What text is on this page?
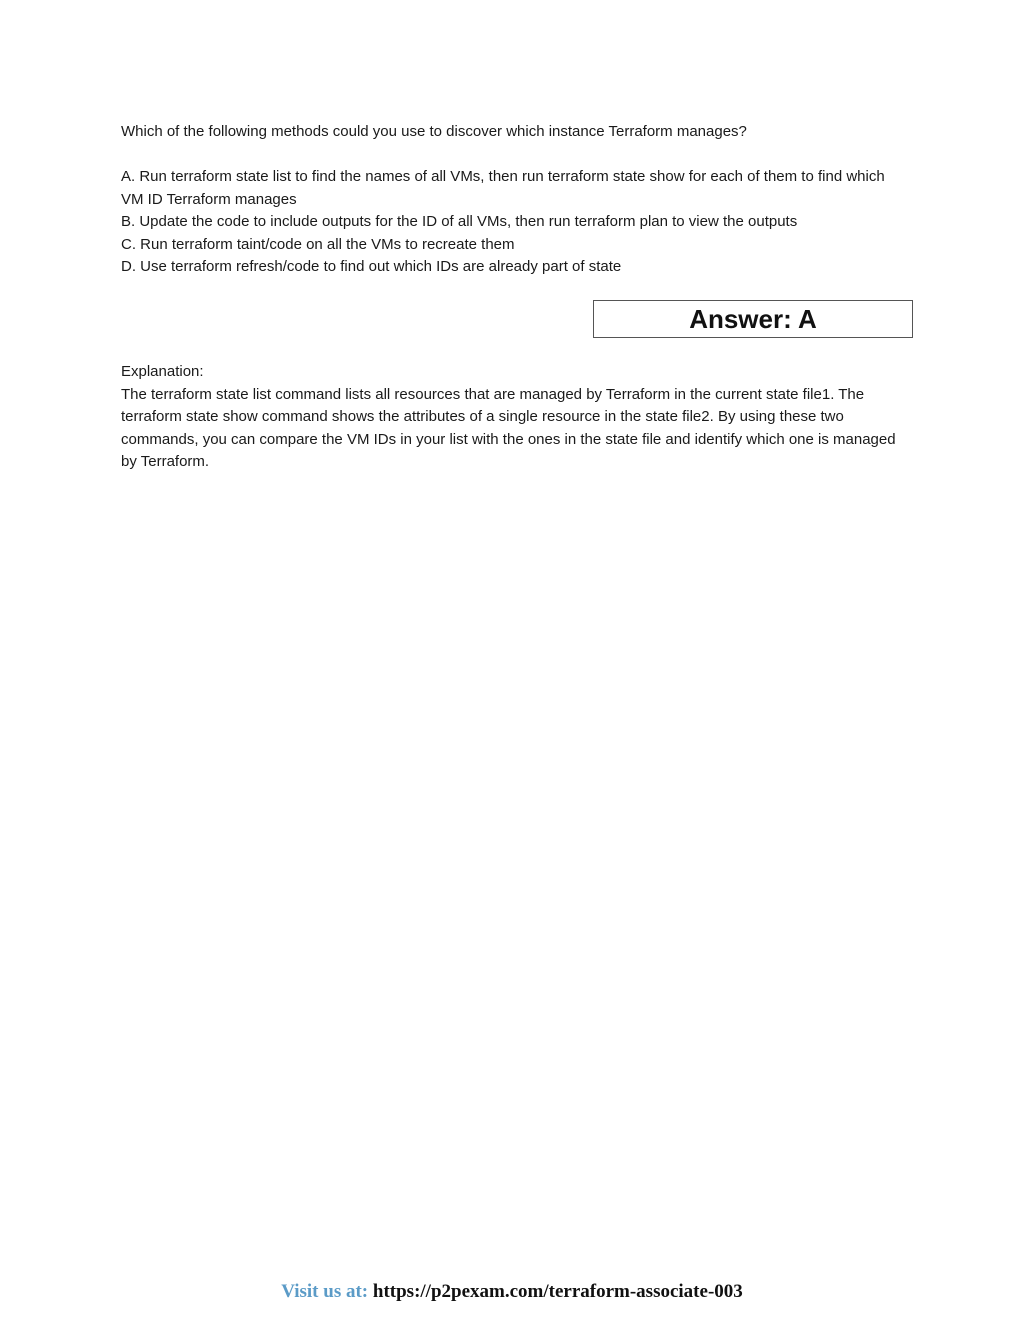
Which of the following methods could you use to discover which instance Terraform manages?
A. Run terraform state list to find the names of all VMs, then run terraform state show for each of them to find which VM ID Terraform manages
B. Update the code to include outputs for the ID of all VMs, then run terraform plan to view the outputs
C. Run terraform taint/code on all the VMs to recreate them
D. Use terraform refresh/code to find out which IDs are already part of state
Answer: A
Explanation:
The terraform state list command lists all resources that are managed by Terraform in the current state file1. The terraform state show command shows the attributes of a single resource in the state file2. By using these two commands, you can compare the VM IDs in your list with the ones in the state file and identify which one is managed by Terraform.
Visit us at: https://p2pexam.com/terraform-associate-003
